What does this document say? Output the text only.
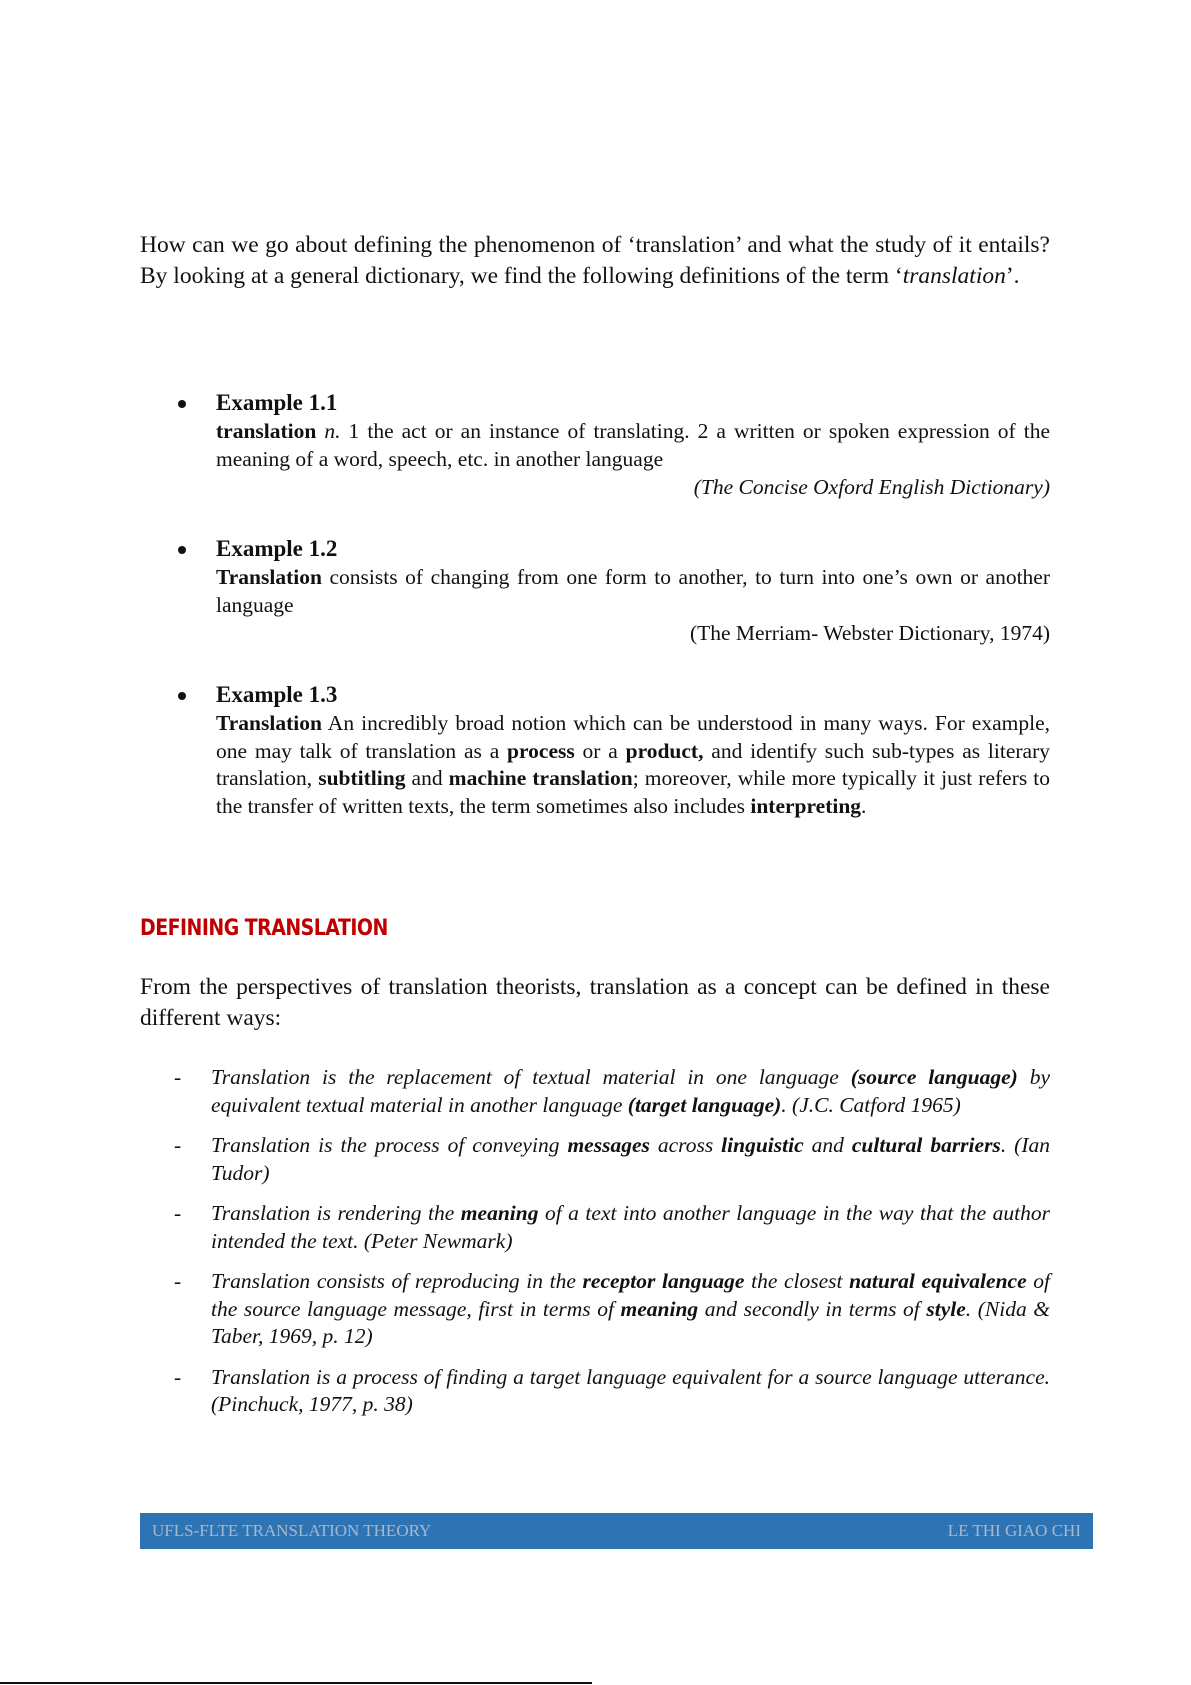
How can we go about defining the phenomenon of ‘translation’ and what the study of it entails? By looking at a general dictionary, we find the following definitions of the term ‘translation’.

Example 1.1

translation n. 1 the act or an instance of translating. 2 a written or spoken expression of the meaning of a word, speech, etc. in another language

(The Concise Oxford English Dictionary)

Example 1.2

Translation consists of changing from one form to another, to turn into one’s own or another language

(The Merriam- Webster Dictionary, 1974)

Example 1.3

Translation An incredibly broad notion which can be understood in many ways. For example, one may talk of translation as a process or a product, and identify such sub-types as literary translation, subtitling and machine translation; moreover, while more typically it just refers to the transfer of written texts, the term sometimes also includes interpreting.

DEFINING TRANSLATION

From the perspectives of translation theorists, translation as a concept can be defined in these different ways:

- Translation is the replacement of textual material in one language (source language) by equivalent textual material in another language (target language). (J.C. Catford 1965)
- Translation is the process of conveying messages across linguistic and cultural barriers. (Ian Tudor)
- Translation is rendering the meaning of a text into another language in the way that the author intended the text. (Peter Newmark)
- Translation consists of reproducing in the receptor language the closest natural equivalence of the source language message, first in terms of meaning and secondly in terms of style. (Nida & Taber, 1969, p. 12)
- Translation is a process of finding a target language equivalent for a source language utterance. (Pinchuck, 1977, p. 38)
UFLS-FLTE TRANSLATION THEORY	LE THI GIAO CHI
